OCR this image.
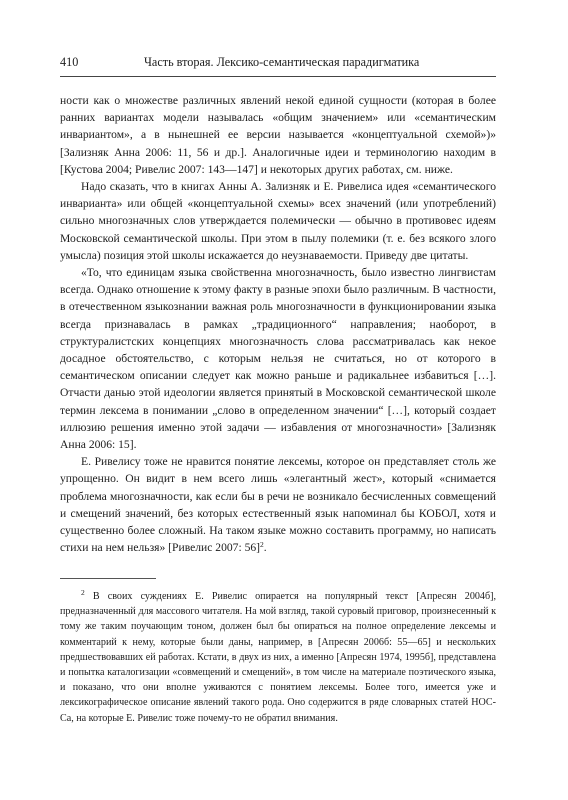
410	Часть вторая. Лексико-семантическая парадигматика

ности как о множестве различных явлений некой единой сущности (которая в более ранних вариантах модели называлась «общим значением» или «семантическим инвариантом», а в нынешней ее версии называется «концептуальной схемой»)» [Зализняк Анна 2006: 11, 56 и др.]. Аналогичные идеи и терминологию находим в [Кустова 2004; Ривелис 2007: 143—147] и некоторых других работах, см. ниже.

Надо сказать, что в книгах Анны А. Зализняк и Е. Ривелиса идея «семантического инварианта» или общей «концептуальной схемы» всех значений (или употреблений) сильно многозначных слов утверждается полемически — обычно в противовес идеям Московской семантической школы. При этом в пылу полемики (т. е. без всякого злого умысла) позиция этой школы искажается до неузнаваемости. Приведу две цитаты.

«То, что единицам языка свойственна многозначность, было известно лингвистам всегда. Однако отношение к этому факту в разные эпохи было различным. В частности, в отечественном языкознании важная роль многозначности в функционировании языка всегда признавалась в рамках „традиционного“ направления; наоборот, в структуралистских концепциях многозначность слова рассматривалась как некое досадное обстоятельство, с которым нельзя не считаться, но от которого в семантическом описании следует как можно раньше и радикальнее избавиться […]. Отчасти данью этой идеологии является принятый в Московской семантической школе термин лексема в понимании „слово в определенном значении“ […], который создает иллюзию решения именно этой задачи — избавления от многозначности» [Зализняк Анна 2006: 15].

Е. Ривелису тоже не нравится понятие лексемы, которое он представляет столь же упрощенно. Он видит в нем всего лишь «элегантный жест», который «снимается проблема многозначности, как если бы в речи не возникало бесчисленных совмещений и смещений значений, без которых естественный язык напоминал бы КОБОЛ, хотя и существенно более сложный. На таком языке можно составить программу, но написать стихи на нем нельзя» [Ривелис 2007: 56]$^2$.

$^2$ В своих суждениях Е. Ривелис опирается на популярный текст [Апресян 2004б], предназначенный для массового читателя. На мой взгляд, такой суровый приговор, произнесенный к тому же таким поучающим тоном, должен был бы опираться на полное определение лексемы и комментарий к нему, которые были даны, например, в [Апресян 2006б: 55—65] и нескольких предшествовавших ей работах. Кстати, в двух из них, а именно [Апресян 1974, 1995б], представлена и попытка каталогизации «совмещений и смещений», в том числе на материале поэтического языка, и показано, что они вполне уживаются с понятием лексемы. Более того, имеется уже и лексикографическое описание явлений такого рода. Оно содержится в ряде словарных статей НОС-Са, на которые Е. Ривелис тоже почему-то не обратил внимания.
